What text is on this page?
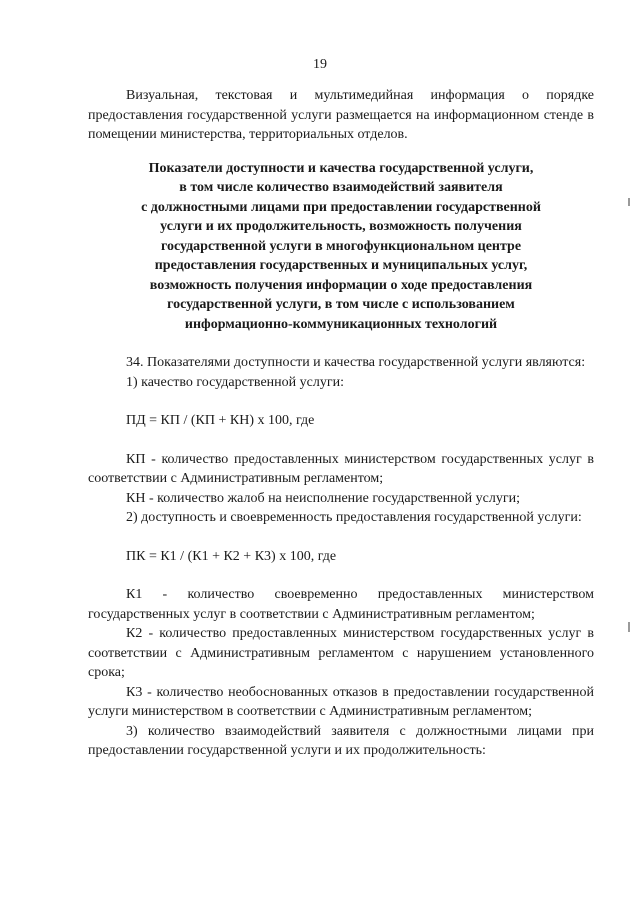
19

Визуальная, текстовая и мультимедийная информация о порядке предоставления государственной услуги размещается на информационном стенде в помещении министерства, территориальных отделов.

Показатели доступности и качества государственной услуги,
в том числе количество взаимодействий заявителя
с должностными лицами при предоставлении государственной
услуги и их продолжительность, возможность получения
государственной услуги в многофункциональном центре
предоставления государственных и муниципальных услуг,
возможность получения информации о ходе предоставления
государственной услуги, в том числе с использованием
информационно-коммуникационных технологий

34. Показателями доступности и качества государственной услуги являются:

1) качество государственной услуги:

ПД = КП / (КП + КН) х 100, где

КП - количество предоставленных министерством государственных услуг в соответствии с Административным регламентом;

КН - количество жалоб на неисполнение государственной услуги;

2) доступность и своевременность предоставления государственной услуги:

ПК = К1 / (К1 + К2 + К3) х 100, где

К1 - количество своевременно предоставленных министерством государственных услуг в соответствии с Административным регламентом;

К2 - количество предоставленных министерством государственных услуг в соответствии с Административным регламентом с нарушением установленного срока;

К3 - количество необоснованных отказов в предоставлении государственной услуги министерством в соответствии с Административным регламентом;

3) количество взаимодействий заявителя с должностными лицами при предоставлении государственной услуги и их продолжительность:
